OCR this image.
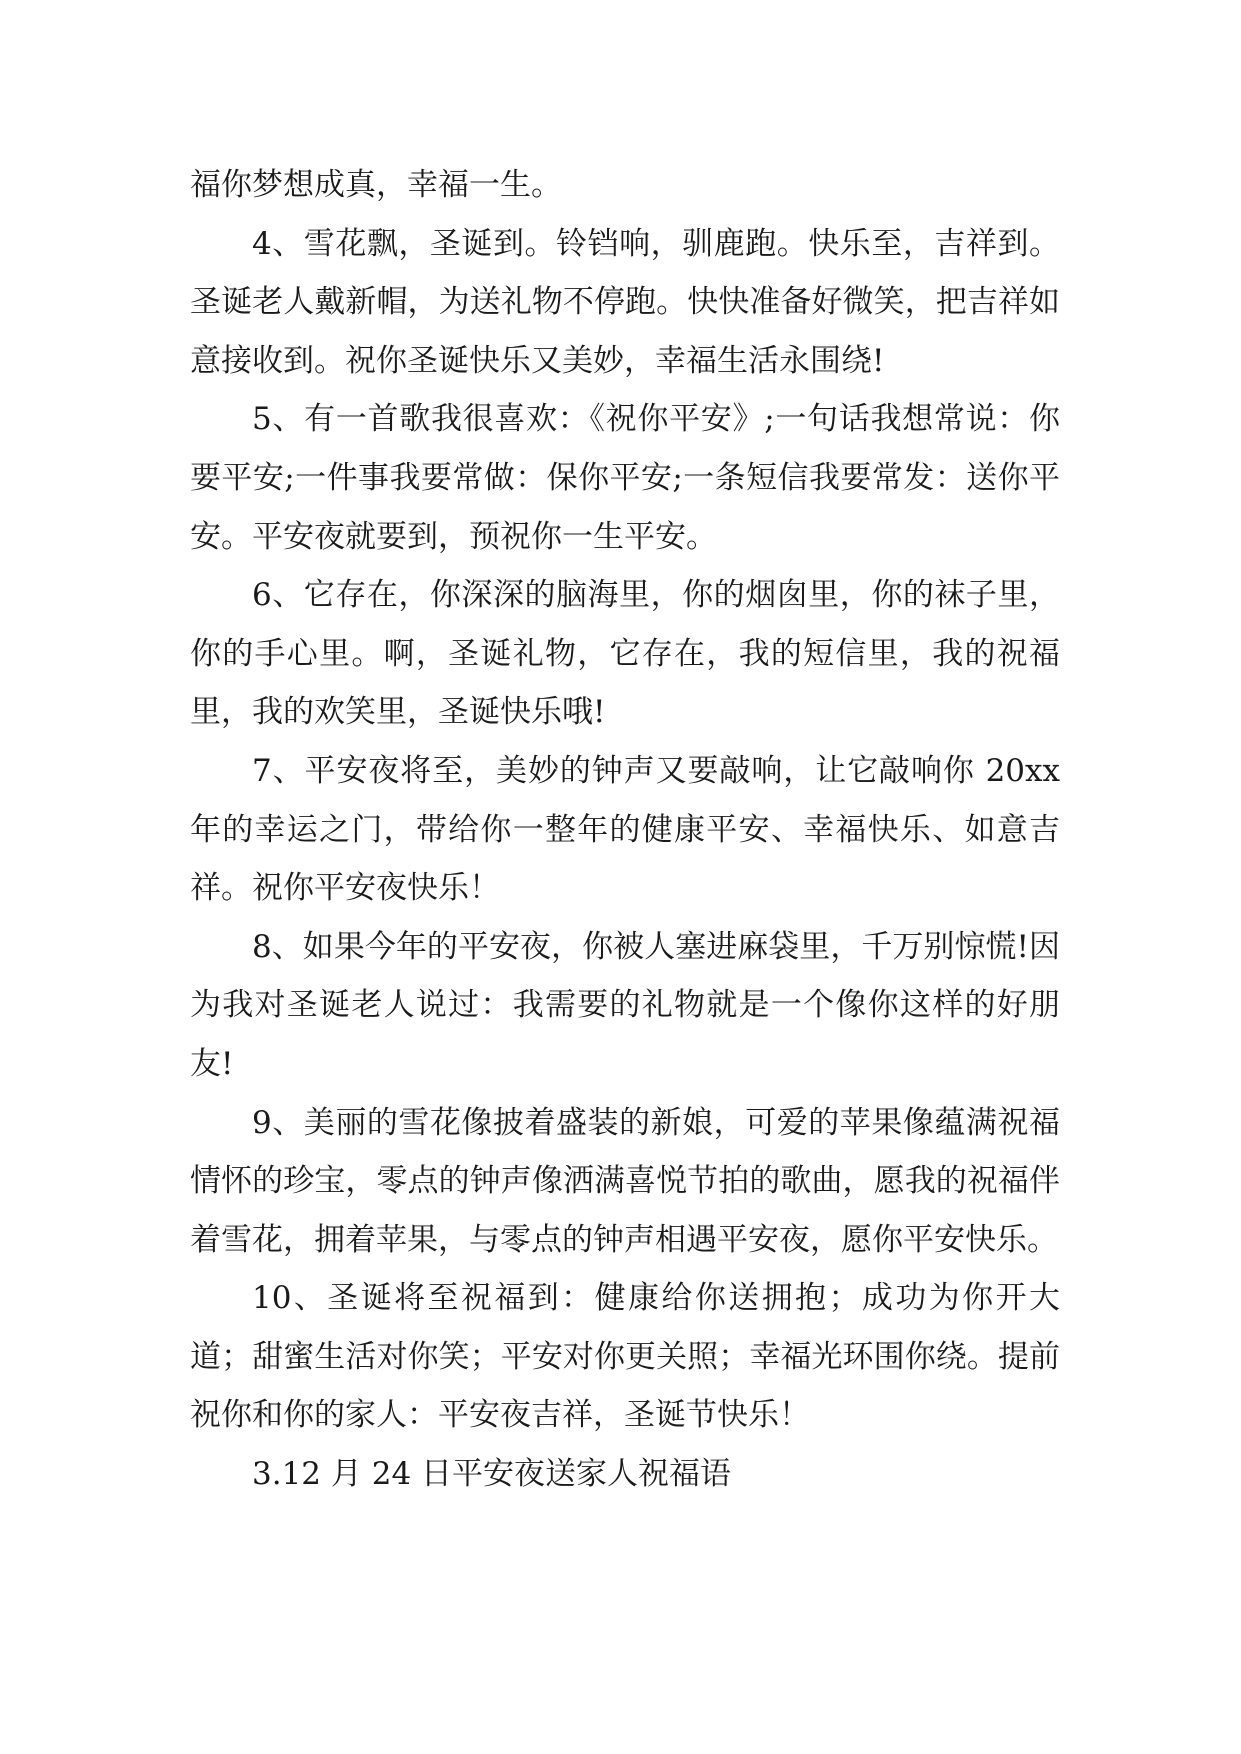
福你梦想成真，幸福一生。

4、雪花飘，圣诞到。铃铛响，驯鹿跑。快乐至，吉祥到。圣诞老人戴新帽，为送礼物不停跑。快快准备好微笑，把吉祥如意接收到。祝你圣诞快乐又美妙，幸福生活永围绕!

5、有一首歌我很喜欢：《祝你平安》;一句话我想常说：你要平安;一件事我要常做：保你平安;一条短信我要常发：送你平安。平安夜就要到，预祝你一生平安。

6、它存在，你深深的脑海里，你的烟囱里，你的袜子里，你的手心里。啊，圣诞礼物，它存在，我的短信里，我的祝福里，我的欢笑里，圣诞快乐哦!

7、平安夜将至，美妙的钟声又要敲响，让它敲响你 20xx 年的幸运之门，带给你一整年的健康平安、幸福快乐、如意吉祥。祝你平安夜快乐！

8、如果今年的平安夜，你被人塞进麻袋里，千万别惊慌!因为我对圣诞老人说过：我需要的礼物就是一个像你这样的好朋友!

9、美丽的雪花像披着盛装的新娘，可爱的苹果像蕴满祝福情怀的珍宝，零点的钟声像洒满喜悦节拍的歌曲，愿我的祝福伴着雪花，拥着苹果，与零点的钟声相遇平安夜，愿你平安快乐。

10、圣诞将至祝福到：健康给你送拥抱；成功为你开大道；甜蜜生活对你笑；平安对你更关照；幸福光环围你绕。提前祝你和你的家人：平安夜吉祥，圣诞节快乐！

3.12 月 24 日平安夜送家人祝福语
